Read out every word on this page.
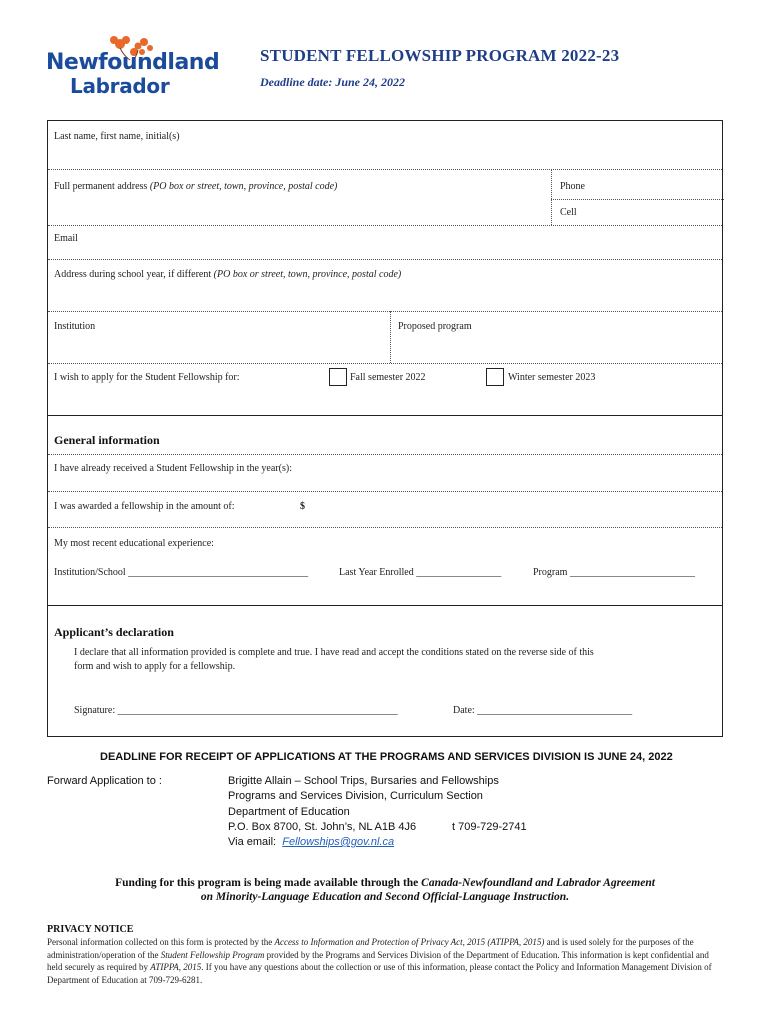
Newfoundland
Labrador
STUDENT FELLOWSHIP PROGRAM 2022-23
Deadline date: June 24, 2022
Last name, first name, initial(s)
Full permanent address (PO box or street, town, province, postal code)	Phone
Cell
Email
Address during school year, if different (PO box or street, town, province, postal code)
Institution	Proposed program
I wish to apply for the Student Fellowship for:	Fall semester 2022	Winter semester 2023
General information
I have already received a Student Fellowship in the year(s):
I was awarded a fellowship in the amount of:	$
My most recent educational experience:
Institution/School ____________________________________	Last Year Enrolled _________________	Program _________________________
Applicant’s declaration
I declare that all information provided is complete and true. I have read and accept the conditions stated on the reverse side of this
form and wish to apply for a fellowship.
Signature: ________________________________________________________	Date: _______________________________
DEADLINE FOR RECEIPT OF APPLICATIONS AT THE PROGRAMS AND SERVICES DIVISION IS JUNE 24, 2022
Forward Application to :	Brigitte Allain – School Trips, Bursaries and Fellowships
Programs and Services Division, Curriculum Section
Department of Education
P.O. Box 8700, St. John’s, NL A1B 4J6	t 709-729-2741
Via email: Fellowships@gov.nl.ca
Funding for this program is being made available through the Canada-Newfoundland and Labrador Agreement
on Minority-Language Education and Second Official-Language Instruction.
PRIVACY NOTICE
Personal information collected on this form is protected by the Access to Information and Protection of Privacy Act, 2015 (ATIPPA, 2015) and is used solely for the purposes of the administration/operation of the Student Fellowship Program provided by the Programs and Services Division of the Department of Education. This information is kept confidential and held securely as required by ATIPPA, 2015. If you have any questions about the collection or use of this information, please contact the Policy and Information Management Division of Department of Education at 709-729-6281.
